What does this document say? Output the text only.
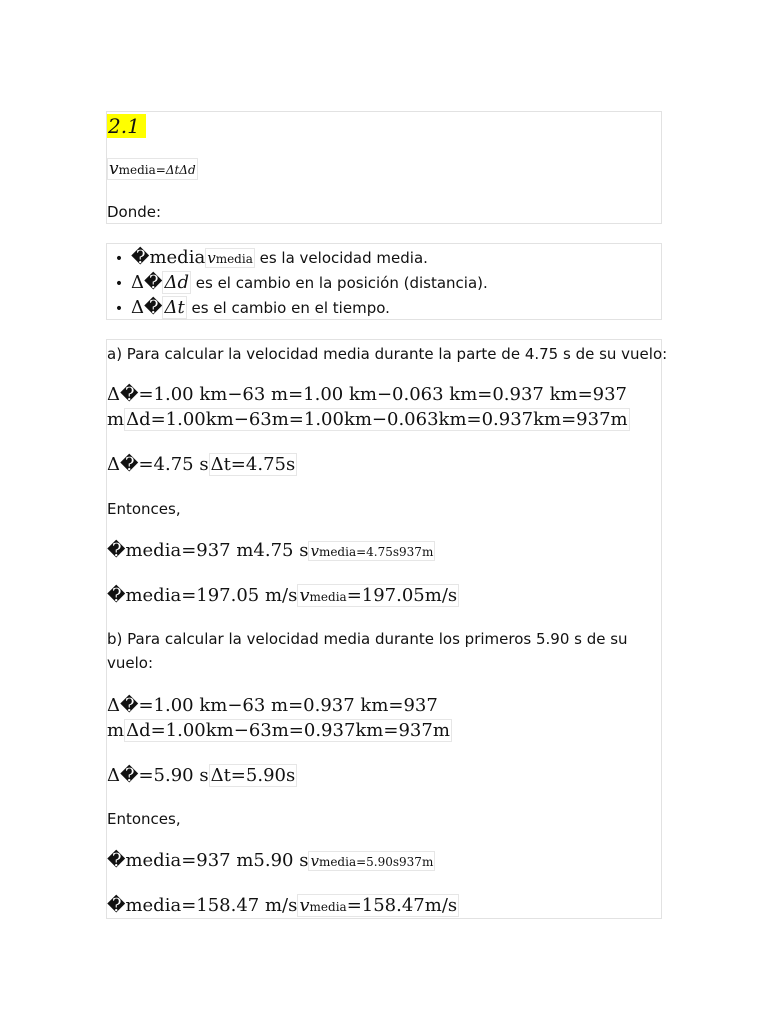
2.1
vmedia=ΔtΔd
Donde:
• �media vmedia es la velocidad media.
• Δ� Δd es el cambio en la posición (distancia).
• Δ� Δt es el cambio en el tiempo.
a) Para calcular la velocidad media durante la parte de 4.75 s de su vuelo:
Δ�=1.00 km−63 m=1.00 km−0.063 km=0.937 km=937
m Δd=1.00km−63m=1.00km−0.063km=0.937km=937m
Δ�=4.75 s Δt=4.75s
Entonces,
�media=937 m4.75 s vmedia=4.75s937m
�media=197.05 m/s vmedia=197.05m/s
b) Para calcular la velocidad media durante los primeros 5.90 s de su
vuelo:
Δ�=1.00 km−63 m=0.937 km=937
m Δd=1.00km−63m=0.937km=937m
Δ�=5.90 s Δt=5.90s
Entonces,
�media=937 m5.90 s vmedia=5.90s937m
�media=158.47 m/s vmedia=158.47m/s
